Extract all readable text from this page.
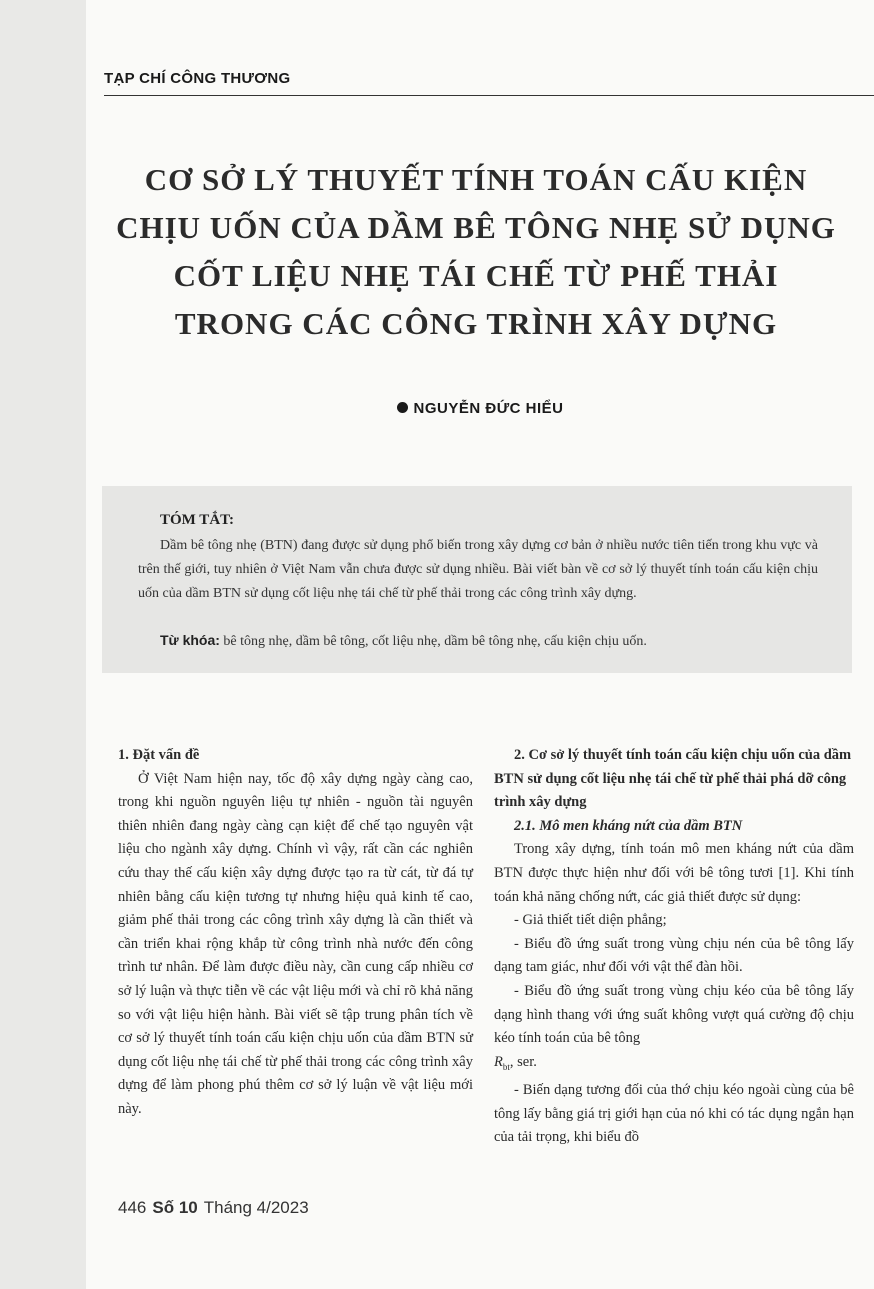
TẠP CHÍ CÔNG THƯƠNG
CƠ SỞ LÝ THUYẾT TÍNH TOÁN CẤU KIỆN
CHỊU UỐN CỦA DẦM BÊ TÔNG NHẸ SỬ DỤNG
CỐT LIỆU NHẸ TÁI CHẾ TỪ PHẾ THẢI
TRONG CÁC CÔNG TRÌNH XÂY DỰNG
NGUYỄN ĐỨC HIỂU
TÓM TẮT:
Dầm bê tông nhẹ (BTN) đang được sử dụng phổ biến trong xây dựng cơ bản ở nhiều nước tiên tiến trong khu vực và trên thế giới, tuy nhiên ở Việt Nam vẫn chưa được sử dụng nhiều. Bài viết bàn về cơ sở lý thuyết tính toán cấu kiện chịu uốn của dầm BTN sử dụng cốt liệu nhẹ tái chế từ phế thải trong các công trình xây dựng.
Từ khóa: bê tông nhẹ, dầm bê tông, cốt liệu nhẹ, dầm bê tông nhẹ, cấu kiện chịu uốn.
1. Đặt vấn đề

Ở Việt Nam hiện nay, tốc độ xây dựng ngày càng cao, trong khi nguồn nguyên liệu tự nhiên - nguồn tài nguyên thiên nhiên đang ngày càng cạn kiệt để chế tạo nguyên vật liệu cho ngành xây dựng. Chính vì vậy, rất cần các nghiên cứu thay thế cấu kiện xây dựng được tạo ra từ cát, từ đá tự nhiên bằng cấu kiện tương tự nhưng hiệu quả kinh tế cao, giảm phế thải trong các công trình xây dựng là cần thiết và cần triển khai rộng khắp từ công trình nhà nước đến công trình tư nhân. Để làm được điều này, cần cung cấp nhiều cơ sở lý luận và thực tiễn về các vật liệu mới và chỉ rõ khả năng so với vật liệu hiện hành. Bài viết sẽ tập trung phân tích về cơ sở lý thuyết tính toán cấu kiện chịu uốn của dầm BTN sử dụng cốt liệu nhẹ tái chế từ phế thải trong các công trình xây dựng để làm phong phú thêm cơ sở lý luận về vật liệu mới này.

2. Cơ sở lý thuyết tính toán cấu kiện chịu uốn của dầm BTN sử dụng cốt liệu nhẹ tái chế từ phế thải phá dỡ công trình xây dựng
2.1. Mô men kháng nứt của dầm BTN

Trong xây dựng, tính toán mô men kháng nứt của dầm BTN được thực hiện như đối với bê tông tươi [1]. Khi tính toán khả năng chống nứt, các giả thiết được sử dụng:

- Giả thiết tiết diện phẳng;

- Biểu đồ ứng suất trong vùng chịu nén của bê tông lấy dạng tam giác, như đối với vật thể đàn hồi.

- Biểu đồ ứng suất trong vùng chịu kéo của bê tông lấy dạng hình thang với ứng suất không vượt quá cường độ chịu kéo tính toán của bê tông

$R_{bt}$, ser.

- Biến dạng tương đối của thớ chịu kéo ngoài cùng của bê tông lấy bằng giá trị giới hạn của nó khi có tác dụng ngắn hạn của tải trọng, khi biểu đồ

446 Số 10 Tháng 4/2023
